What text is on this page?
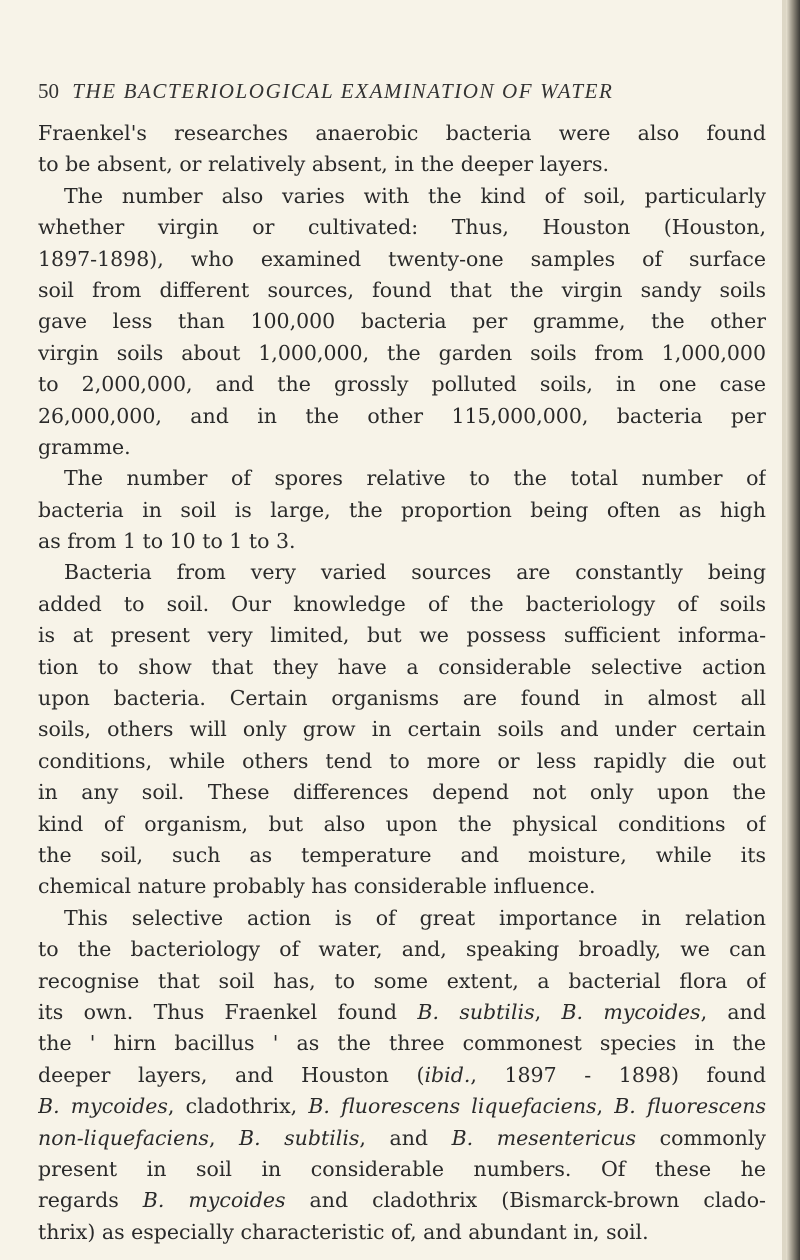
50 THE BACTERIOLOGICAL EXAMINATION OF WATER
Fraenkel's researches anaerobic bacteria were also found
to be absent, or relatively absent, in the deeper layers.
The number also varies with the kind of soil, particularly
whether virgin or cultivated: Thus, Houston (Houston,
1897-1898), who examined twenty-one samples of surface
soil from different sources, found that the virgin sandy soils
gave less than 100,000 bacteria per gramme, the other
virgin soils about 1,000,000, the garden soils from 1,000,000
to 2,000,000, and the grossly polluted soils, in one case
26,000,000, and in the other 115,000,000, bacteria per
gramme.
The number of spores relative to the total number of
bacteria in soil is large, the proportion being often as high
as from 1 to 10 to 1 to 3.
Bacteria from very varied sources are constantly being
added to soil. Our knowledge of the bacteriology of soils
is at present very limited, but we possess sufficient informa-
tion to show that they have a considerable selective action
upon bacteria. Certain organisms are found in almost all
soils, others will only grow in certain soils and under certain
conditions, while others tend to more or less rapidly die out
in any soil. These differences depend not only upon the
kind of organism, but also upon the physical conditions of
the soil, such as temperature and moisture, while its
chemical nature probably has considerable influence.
This selective action is of great importance in relation
to the bacteriology of water, and, speaking broadly, we can
recognise that soil has, to some extent, a bacterial flora of
its own. Thus Fraenkel found B. subtilis, B. mycoides, and
the ' hirn bacillus ' as the three commonest species in the
deeper layers, and Houston (ibid., 1897 - 1898) found
B. mycoides, cladothrix, B. fluorescens liquefaciens, B. fluorescens
non-liquefaciens, B. subtilis, and B. mesentericus commonly
present in soil in considerable numbers. Of these he
regards B. mycoides and cladothrix (Bismarck-brown clado-
thrix) as especially characteristic of, and abundant in, soil.
